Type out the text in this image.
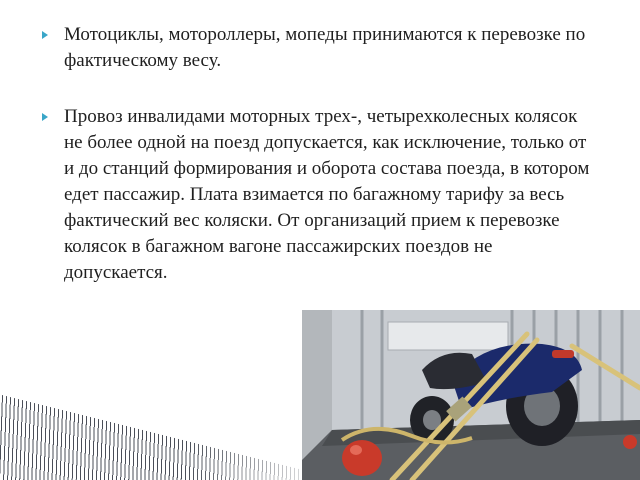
Мотоциклы, мотороллеры, мопеды принимаются к перевозке по фактическому весу.
Провоз инвалидами моторных трех-, четырехколесных колясок не более одной на поезд допускается, как исключение, только от и до станций формирования и оборота состава поезда, в котором едет пассажир. Плата взимается по багажному тарифу за весь фактический вес коляски. От организаций прием к перевозке колясок в багажном вагоне пассажирских поездов не допускается.
